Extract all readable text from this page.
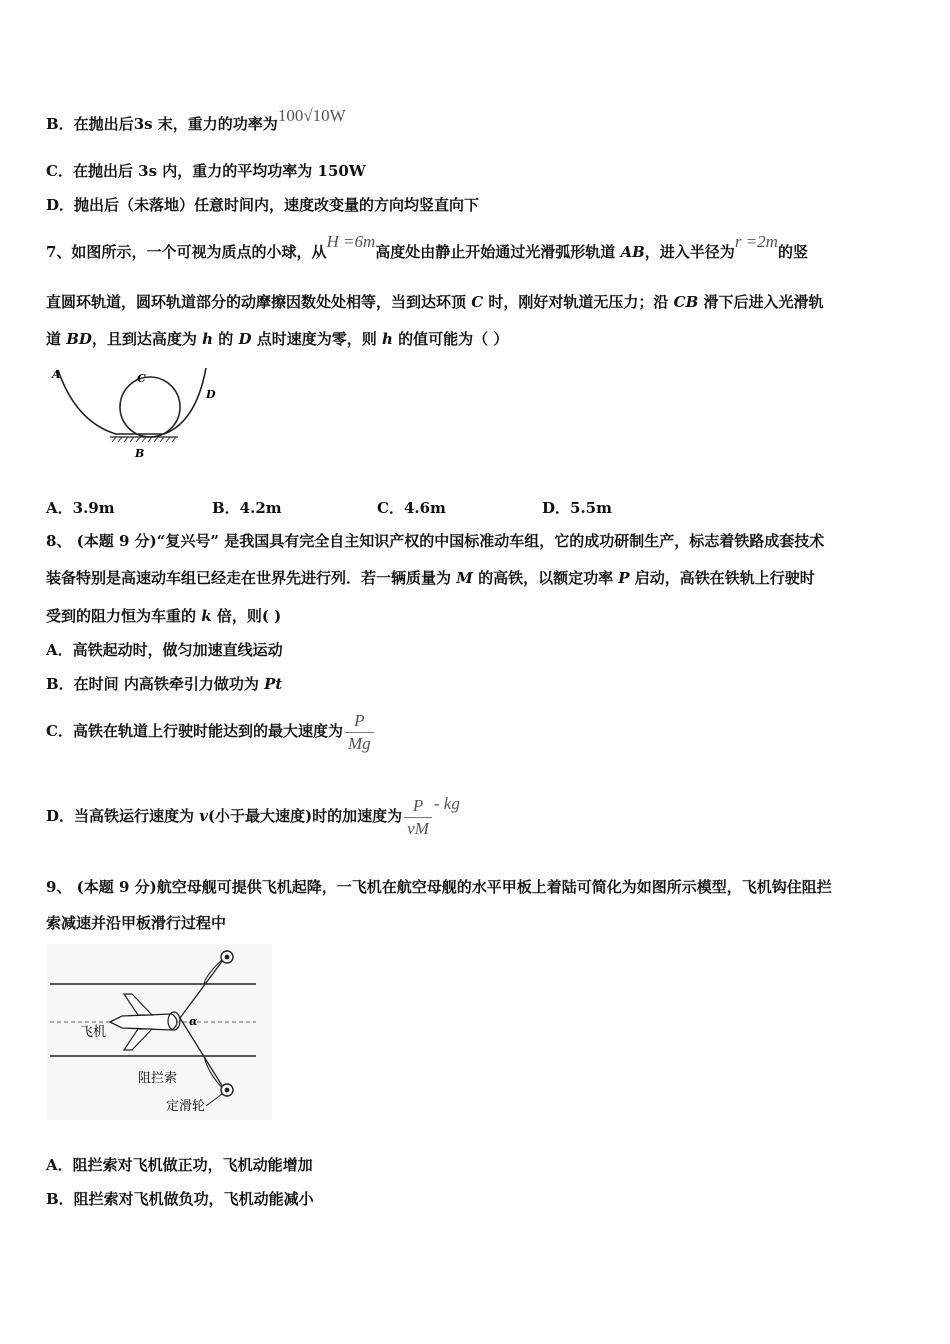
B．在抛出后3s 末，重力的功率为100√10W
C．在抛出后 3s 内，重力的平均功率为 150W
D．抛出后（未落地）任意时间内，速度改变量的方向均竖直向下
7、如图所示，一个可视为质点的小球，从H =6m高度处由静止开始通过光滑弧形轨道 AB，进入半径为r =2m的竖
直圆环轨道，圆环轨道部分的动摩擦因数处处相等，当到达环顶 C 时，刚好对轨道无压力；沿 CB 滑下后进入光滑轨
道 BD，且到达高度为 h 的 D 点时速度为零，则 h 的值可能为（ ）
A	C
D
B
A．3.9m	B．4.2m	C．4.6m	D．5.5m
8、 (本题 9 分)“复兴号” 是我国具有完全自主知识产权的中国标准动车组，它的成功研制生产，标志着铁路成套技术
装备特别是高速动车组已经走在世界先进行列．若一辆质量为 M 的高铁，以额定功率 P 启动，高铁在铁轨上行驶时
受到的阻力恒为车重的 k 倍，则( )
A．高铁起动时，做匀加速直线运动
B．在时间 内高铁牵引力做功为 Pt
C．高铁在轨道上行驶时能达到的最大速度为 $\frac{P}{Mg}$
D．当高铁运行速度为 v(小于最大速度)时的加速度为 $\frac{P}{vM}$ - kg
9、 (本题 9 分)航空母舰可提供飞机起降，一飞机在航空母舰的水平甲板上着陆可简化为如图所示模型，飞机钩住阻拦
索减速并沿甲板滑行过程中
飞机
α
阻拦索
定滑轮
A．阻拦索对飞机做正功，飞机动能增加
B．阻拦索对飞机做负功，飞机动能减小
